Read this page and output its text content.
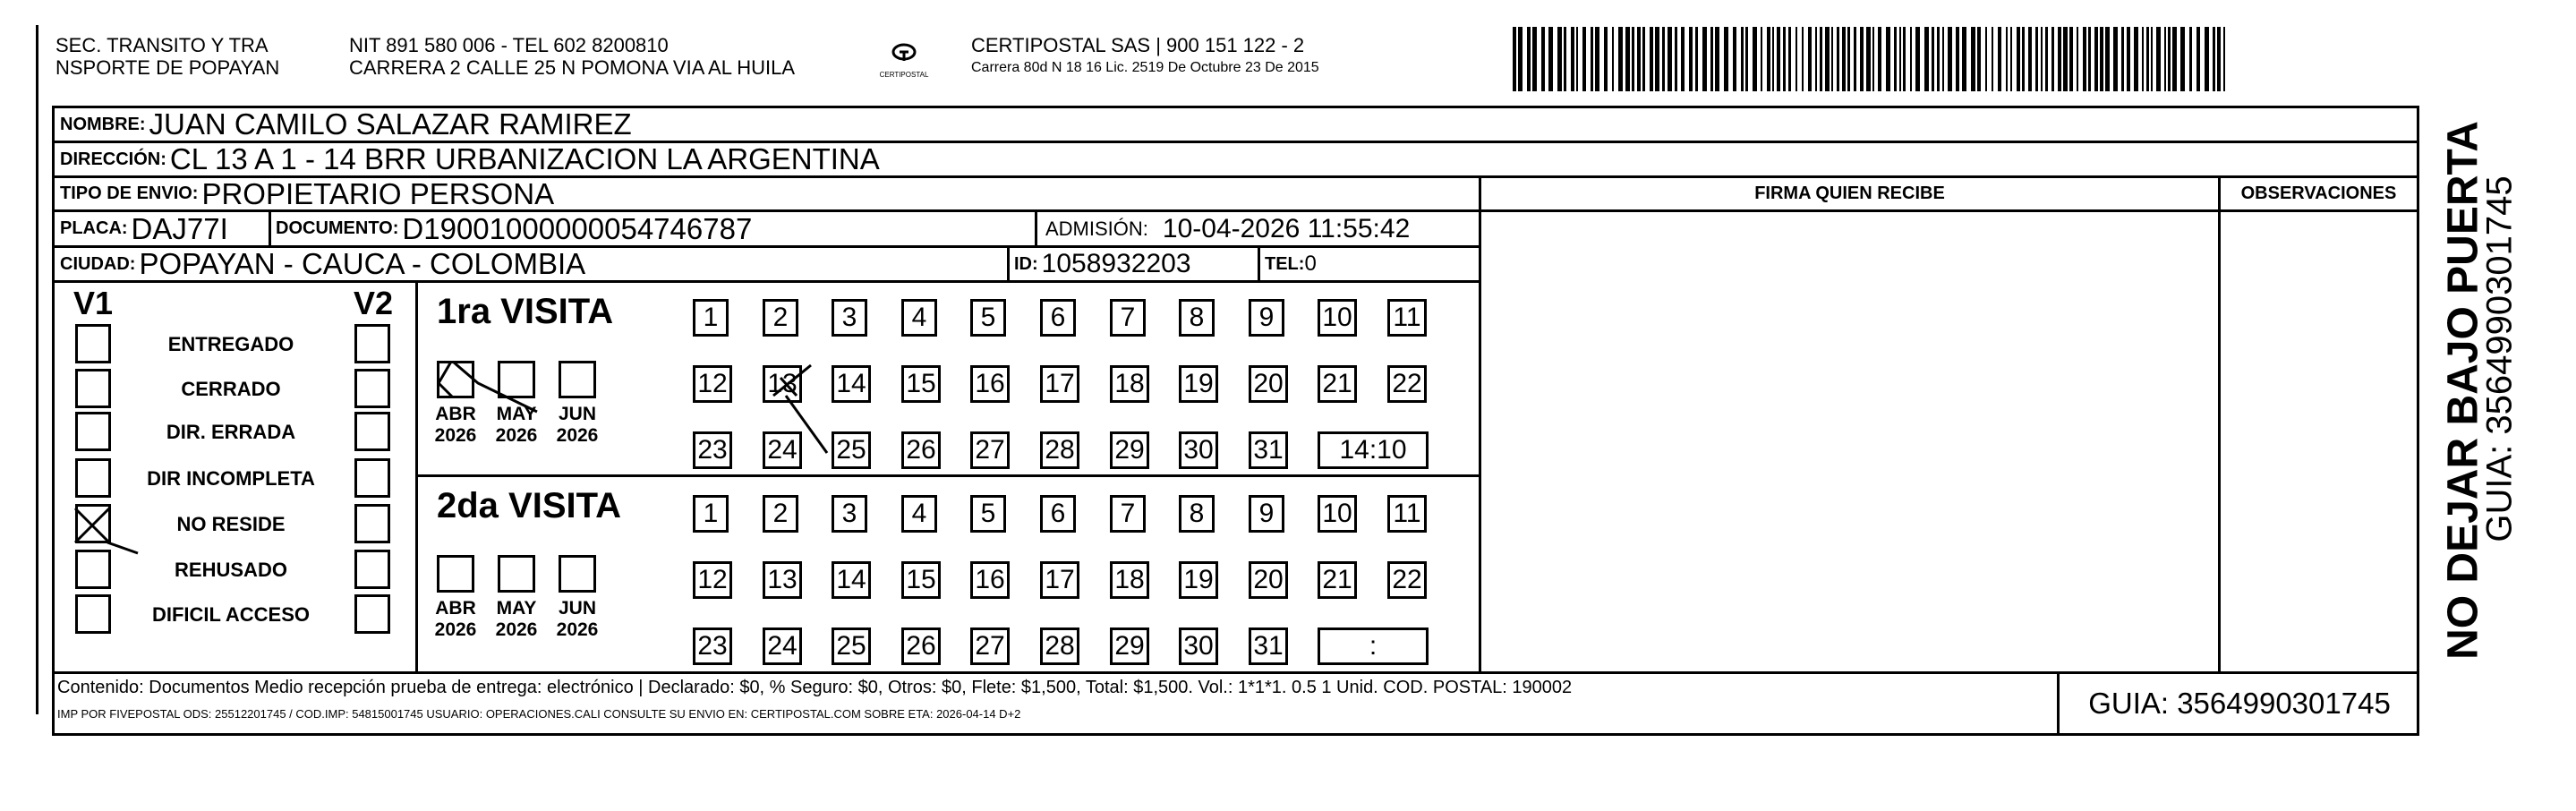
SEC. TRANSITO Y TRA
NSPORTE DE POPAYAN
NIT 891 580 006 - TEL 602 8200810
CARRERA 2 CALLE 25 N POMONA VIA AL HUILA	CERTIPOSTAL
CERTIPOSTAL SAS | 900 151 122 - 2
Carrera 80d N 18 16 Lic. 2519 De Octubre 23 De 2015
NOMBRE: JUAN CAMILO SALAZAR RAMIREZ
DIRECCIÓN: CL 13 A 1 - 14 BRR URBANIZACION LA ARGENTINA
TIPO DE ENVIO: PROPIETARIO PERSONA
PLACA: DAJ77I	DOCUMENTO: D19001000000054746787	ADMISIÓN: 10-04-2026 11:55:42
CIUDAD: POPAYAN - CAUCA - COLOMBIA	ID: 1058932203	TEL: 0
FIRMA QUIEN RECIBE	OBSERVACIONES
V1	V2
ENTREGADO
CERRADO
DIR. ERRADA
DIR INCOMPLETA
NO RESIDE
REHUSADO
DIFICIL ACCESO
1ra VISITA
ABR
2026
MAY
2026
JUN
2026
1	2	3	4	5	6	7	8	9	10 11
12 13 14 15 16 17 18 19 20 21 22
23 24 25 26 27 28 29 30 31	14:10
2da VISITA
ABR
2026
MAY
2026
JUN
2026
1	2	3	4	5	6	7	8	9	10 11
12 13 14 15 16 17 18 19 20 21 22
23 24 25 26 27 28 29 30 31	:
Contenido: Documentos Medio recepción prueba de entrega: electrónico | Declarado: $0, % Seguro: $0, Otros: $0, Flete: $1,500, Total: $1,500. Vol.: 1*1*1. 0.5 1 Unid. COD. POSTAL: 190002
IMP POR FIVEPOSTAL ODS: 25512201745 / COD.IMP: 54815001745 USUARIO: OPERACIONES.CALI CONSULTE SU ENVIO EN: CERTIPOSTAL.COM SOBRE ETA: 2026-04-14 D+2	GUIA: 3564990301745
NO DEJAR BAJO PUERTA
GUIA: 3564990301745
